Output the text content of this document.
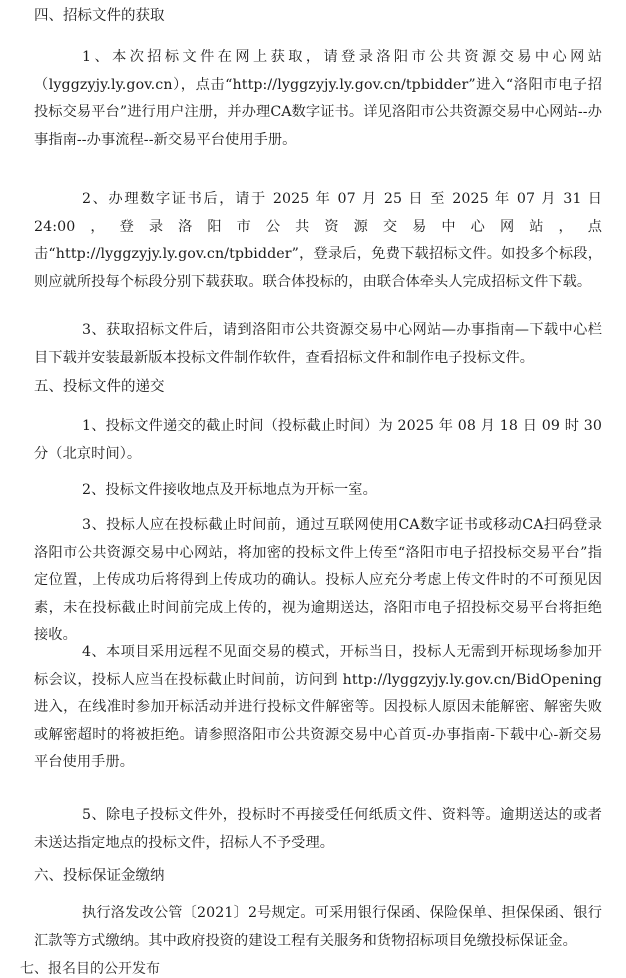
四、招标文件的获取
1、本次招标文件在网上获取，请登录洛阳市公共资源交易中心网站（lyggzyjy.ly.gov.cn），点击“http://lyggzyjy.ly.gov.cn/tpbidder”进入“洛阳市电子招投标交易平台”进行用户注册，并办理CA数字证书。详见洛阳市公共资源交易中心网站--办事指南--办事流程--新交易平台使用手册。
2、办理数字证书后，请于 2025 年 07 月 25 日 至 2025 年 07 月 31 日 24:00，登录洛阳市公共资源交易中心网站，点击“http://lyggzyjy.ly.gov.cn/tpbidder”，登录后，免费下载招标文件。如投多个标段，则应就所投每个标段分别下载获取。联合体投标的，由联合体牵头人完成招标文件下载。
3、获取招标文件后，请到洛阳市公共资源交易中心网站—办事指南—下载中心栏目下载并安装最新版本投标文件制作软件，查看招标文件和制作电子投标文件。
五、投标文件的递交
1、投标文件递交的截止时间（投标截止时间）为 2025 年 08 月 18 日 09 时 30 分（北京时间）。
2、投标文件接收地点及开标地点为开标一室。
3、投标人应在投标截止时间前，通过互联网使用CA数字证书或移动CA扫码登录洛阳市公共资源交易中心网站，将加密的投标文件上传至“洛阳市电子招投标交易平台”指定位置，上传成功后将得到上传成功的确认。投标人应充分考虑上传文件时的不可预见因素，未在投标截止时间前完成上传的，视为逾期送达，洛阳市电子招投标交易平台将拒绝接收。
4、本项目采用远程不见面交易的模式，开标当日，投标人无需到开标现场参加开标会议，投标人应当在投标截止时间前，访问到 http://lyggzyjy.ly.gov.cn/BidOpening 进入，在线准时参加开标活动并进行投标文件解密等。因投标人原因未能解密、解密失败或解密超时的将被拒绝。请参照洛阳市公共资源交易中心首页-办事指南-下载中心-新交易平台使用手册。
5、除电子投标文件外，投标时不再接受任何纸质文件、资料等。逾期送达的或者未送达指定地点的投标文件，招标人不予受理。
六、投标保证金缴纳
执行洛发改公管〔2021〕2号规定。可采用银行保函、保险保单、担保保函、银行汇款等方式缴纳。其中政府投资的建设工程有关服务和货物招标项目免缴投标保证金。
七、报名目的公开发布
